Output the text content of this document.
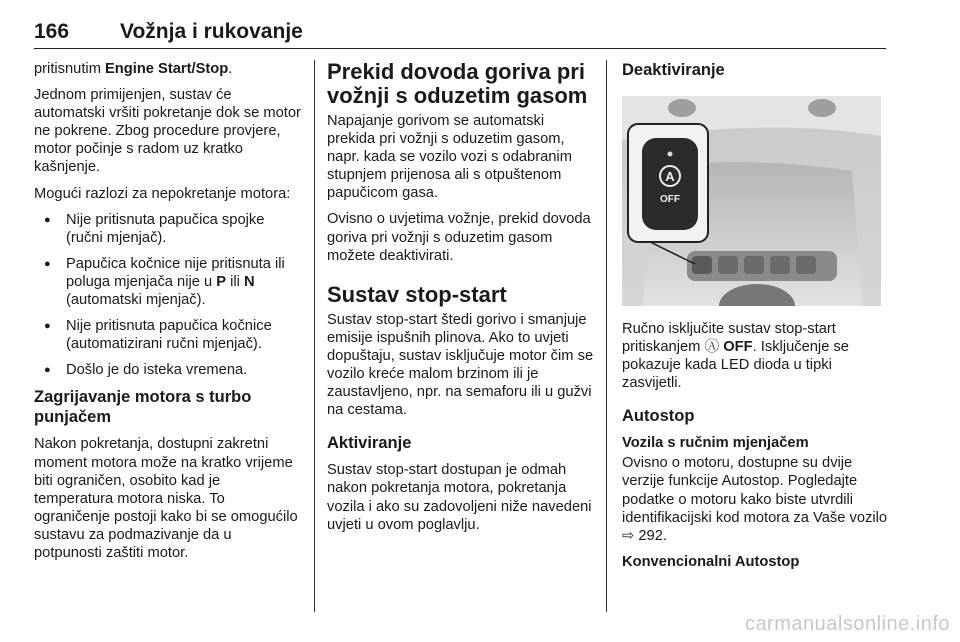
166 Vožnja i rukovanje

pritisnutim Engine Start/Stop.

Jednom primijenjen, sustav će automatski vršiti pokretanje dok se motor ne pokrene. Zbog procedure provjere, motor počinje s radom uz kratko kašnjenje.

Mogući razlozi za nepokretanje motora:

● Nije pritisnuta papučica spojke (ručni mjenjač).
● Papučica kočnice nije pritisnuta ili poluga mjenjača nije u P ili N (automatski mjenjač).
● Nije pritisnuta papučica kočnice (automatizirani ručni mjenjač).
● Došlo je do isteka vremena.
Zagrijavanje motora s turbo punjačem

Nakon pokretanja, dostupni zakretni moment motora može na kratko vrijeme biti ograničen, osobito kad je temperatura motora niska. To ograničenje postoji kako bi se omogućilo sustavu za podmazivanje da u potpunosti zaštiti motor.

Prekid dovoda goriva pri vožnji s oduzetim gasom

Napajanje gorivom se automatski prekida pri vožnji s oduzetim gasom, napr. kada se vozilo vozi s odabranim stupnjem prijenosa ali s otpuštenom papučicom gasa.

Ovisno o uvjetima vožnje, prekid dovoda goriva pri vožnji s oduzetim gasom možete deaktivirati.

Sustav stop-start

Sustav stop-start štedi gorivo i smanjuje emisije ispušnih plinova. Ako to uvjeti dopuštaju, sustav isključuje motor čim se vozilo kreće malom brzinom ili je zaustavljeno, npr. na semaforu ili u gužvi na cestama.

Aktiviranje

Sustav stop-start dostupan je odmah nakon pokretanja motora, pokretanja vozila i ako su zadovoljeni niže navedeni uvjeti u ovom poglavlju.

Deaktiviranje
A
OFF

Ručno isključite sustav stop-start pritiskanjem Ⓐ OFF. Isključenje se pokazuje kada LED dioda u tipki zasvijetli.

Autostop
Vozila s ručnim mjenjačem

Ovisno o motoru, dostupne su dvije verzije funkcije Autostop. Pogledajte podatke o motoru kako biste utvrdili identifikacijski kod motora za Vaše vozilo ⇨ 292.

Konvencionalni Autostop
carmanualsonline.info
